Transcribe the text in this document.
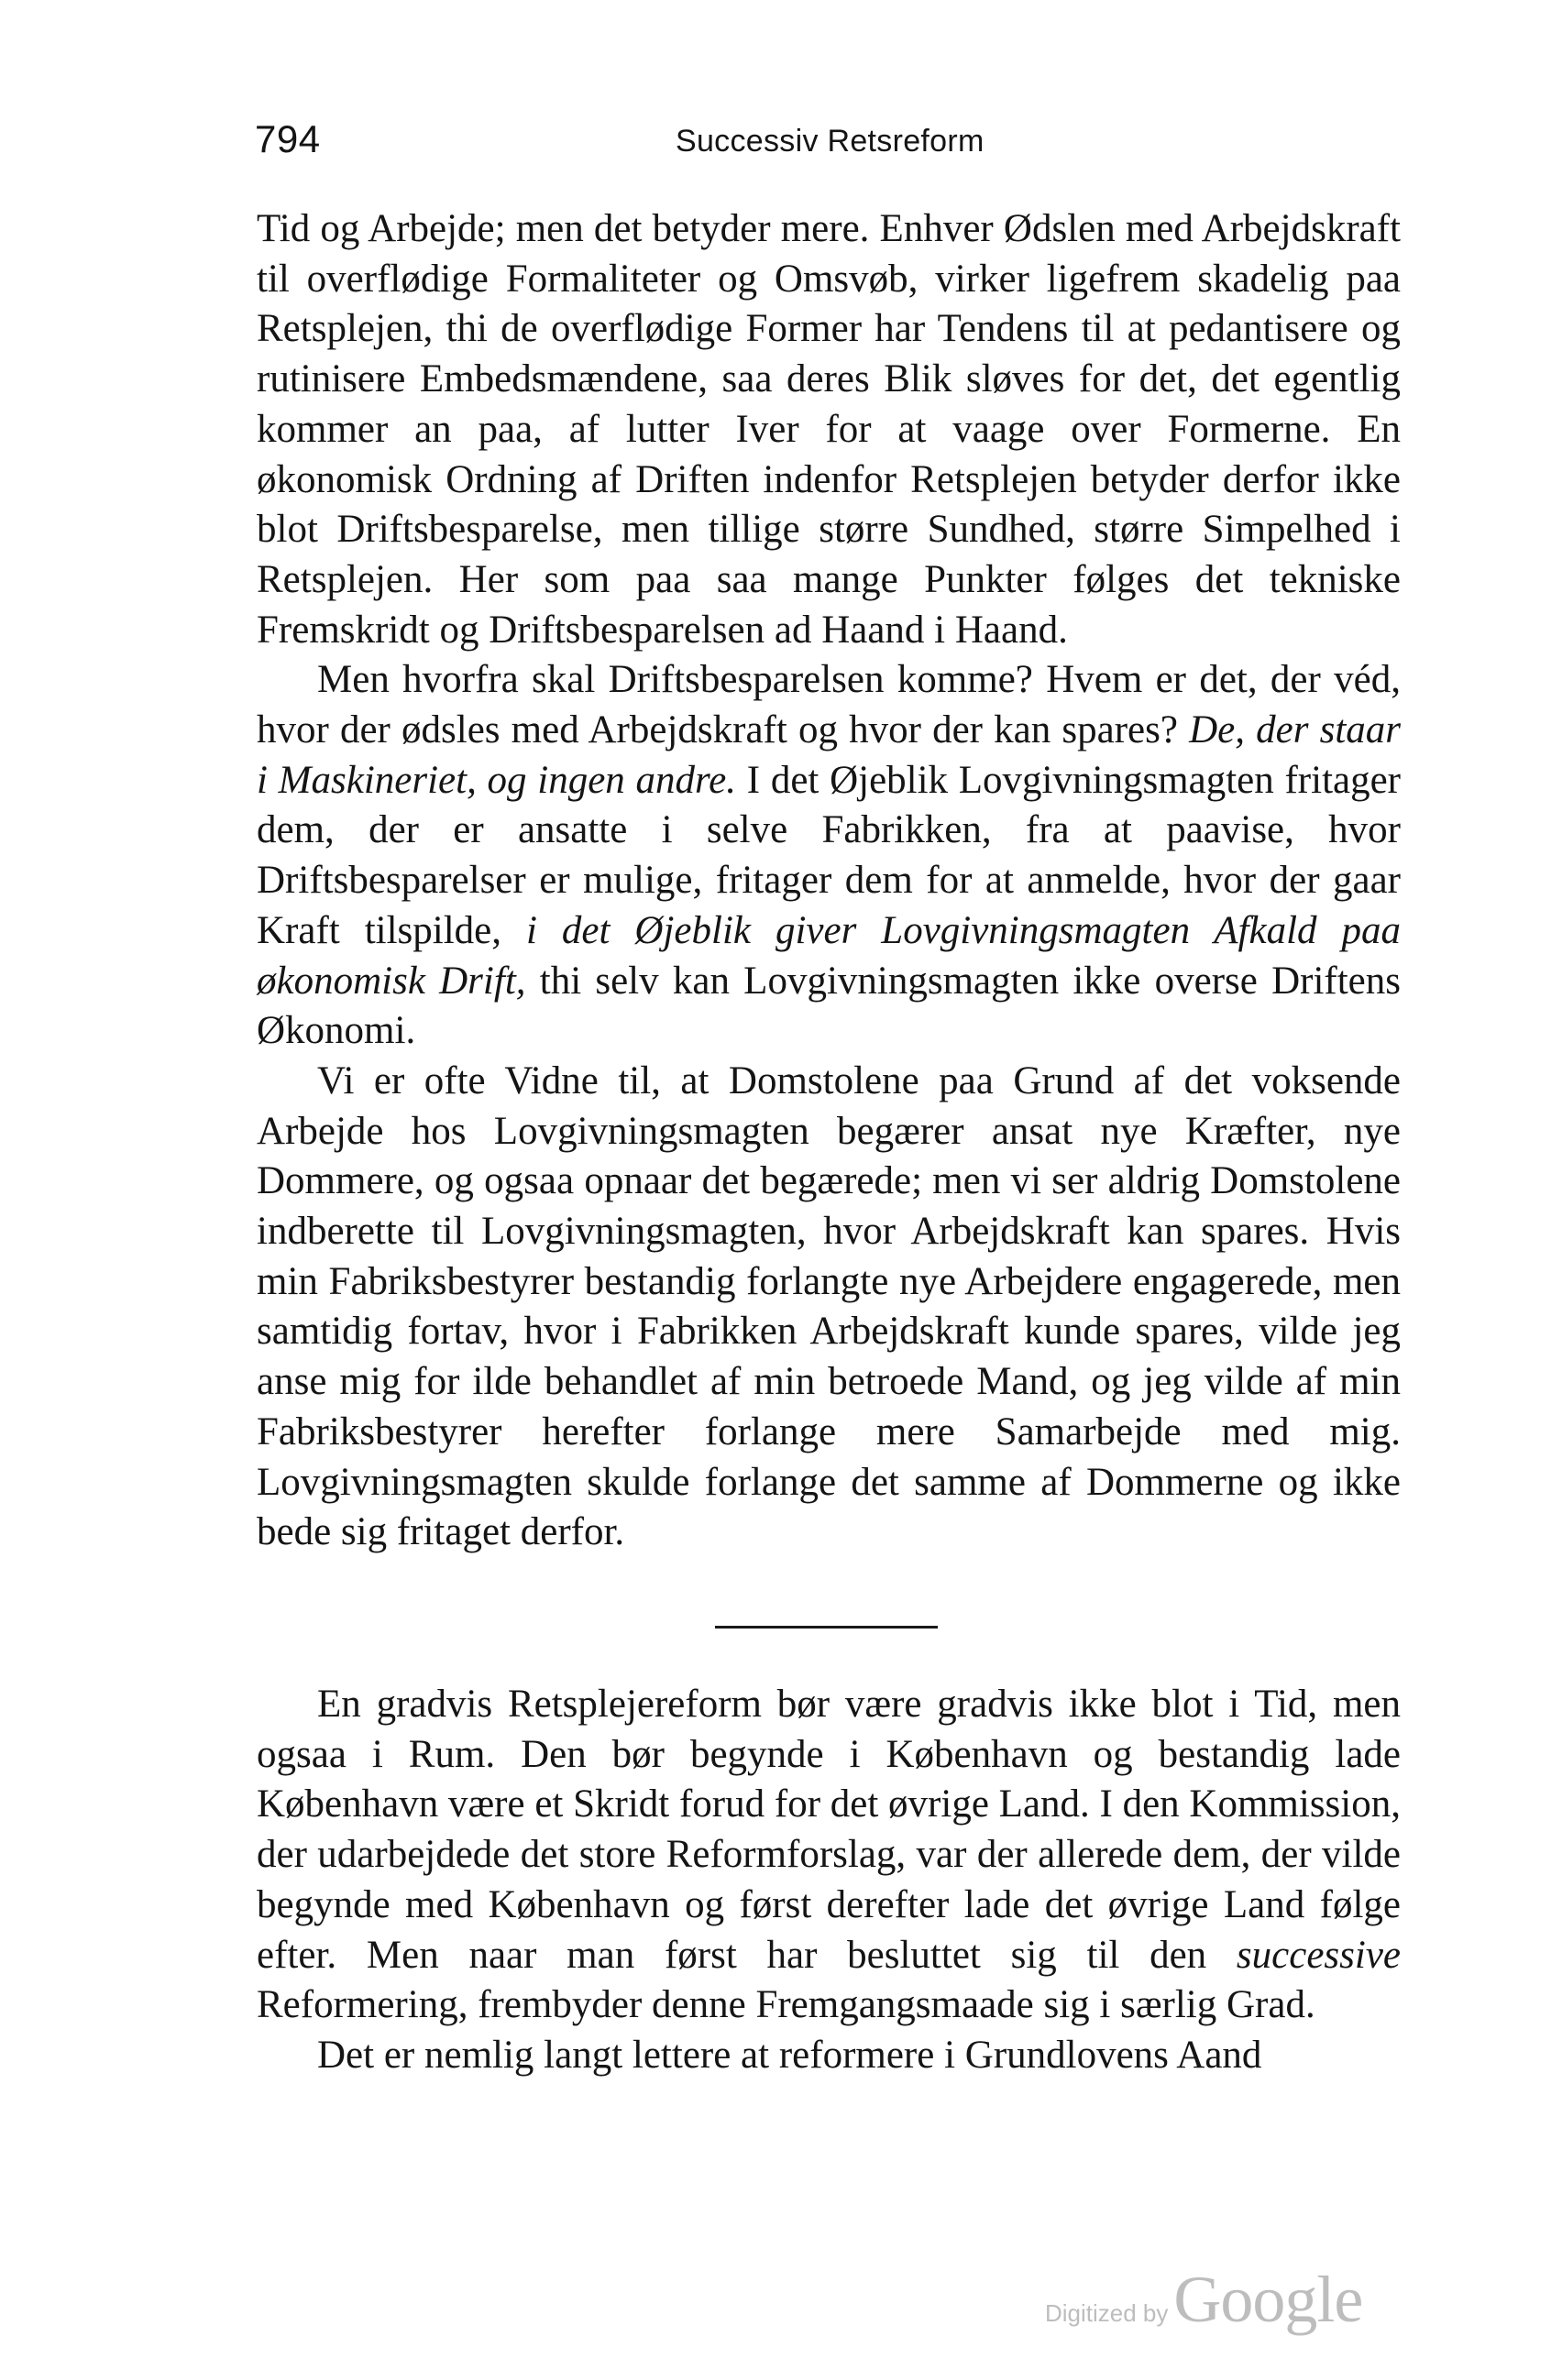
794	Successiv Retsreform

Tid og Arbejde; men det betyder mere. Enhver Ødslen med Arbejdskraft til overflødige Formaliteter og Omsvøb, virker ligefrem skadelig paa Retsplejen, thi de overflødige Former har Tendens til at pedantisere og rutinisere Embedsmændene, saa deres Blik sløves for det, det egentlig kommer an paa, af lutter Iver for at vaage over Formerne. En økonomisk Ordning af Driften indenfor Retsplejen betyder derfor ikke blot Driftsbesparelse, men tillige større Sundhed, større Simpelhed i Retsplejen. Her som paa saa mange Punkter følges det tekniske Fremskridt og Driftsbesparelsen ad Haand i Haand.

Men hvorfra skal Driftsbesparelsen komme? Hvem er det, der véd, hvor der ødsles med Arbejdskraft og hvor der kan spares? De, der staar i Maskineriet, og ingen andre. I det Øjeblik Lovgivningsmagten fritager dem, der er ansatte i selve Fabrikken, fra at paavise, hvor Driftsbesparelser er mulige, fritager dem for at anmelde, hvor der gaar Kraft tilspilde, i det Øjeblik giver Lovgivningsmagten Afkald paa økonomisk Drift, thi selv kan Lovgivningsmagten ikke overse Driftens Økonomi.

Vi er ofte Vidne til, at Domstolene paa Grund af det voksende Arbejde hos Lovgivningsmagten begærer ansat nye Kræfter, nye Dommere, og ogsaa opnaar det begærede; men vi ser aldrig Domstolene indberette til Lovgivningsmagten, hvor Arbejdskraft kan spares. Hvis min Fabriksbestyrer bestandig forlangte nye Arbejdere engagerede, men samtidig fortav, hvor i Fabrikken Arbejdskraft kunde spares, vilde jeg anse mig for ilde behandlet af min betroede Mand, og jeg vilde af min Fabriksbestyrer herefter forlange mere Samarbejde med mig. Lovgivningsmagten skulde forlange det samme af Dommerne og ikke bede sig fritaget derfor.

En gradvis Retsplejereform bør være gradvis ikke blot i Tid, men ogsaa i Rum. Den bør begynde i København og bestandig lade København være et Skridt forud for det øvrige Land. I den Kommission, der udarbejdede det store Reformforslag, var der allerede dem, der vilde begynde med København og først derefter lade det øvrige Land følge efter. Men naar man først har besluttet sig til den successive Reformering, frembyder denne Fremgangsmaade sig i særlig Grad.

Det er nemlig langt lettere at reformere i Grundlovens Aand

Digitized by Google
